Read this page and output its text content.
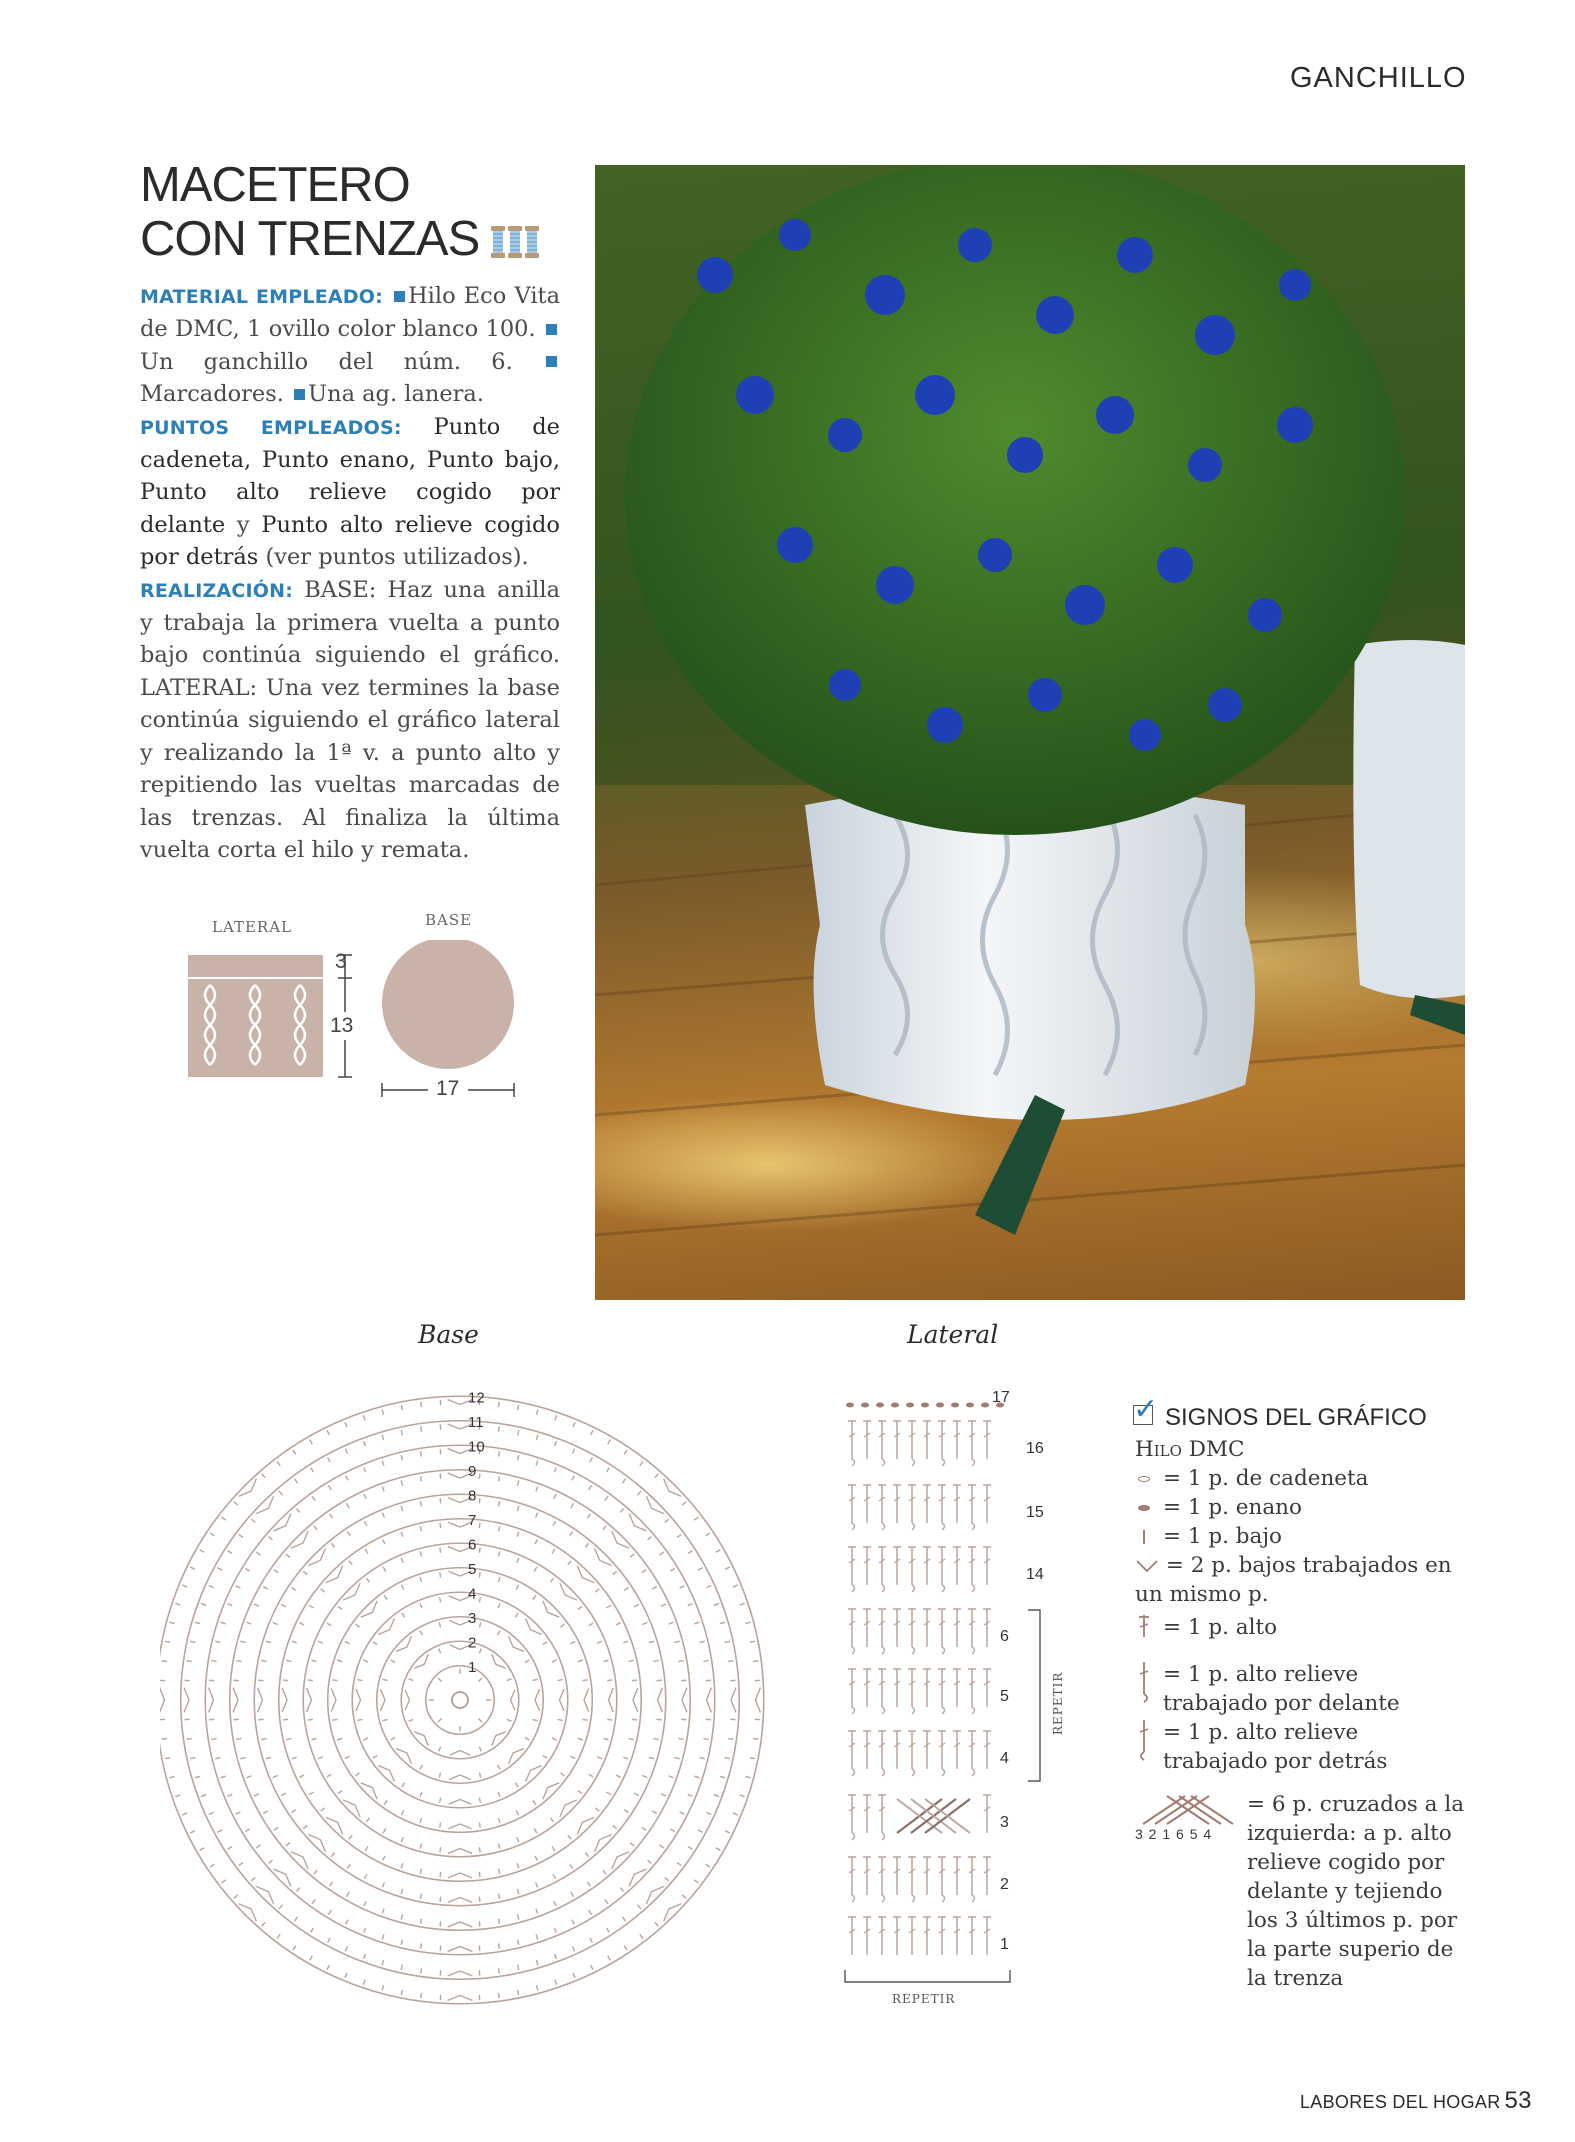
GANCHILLO
MACETERO
CON TRENZAS
MATERIAL EMPLEADO: Hilo Eco Vita de DMC, 1 ovillo color blanco 100. Un ganchillo del núm. 6. Marcadores. Una ag. lanera.
PUNTOS EMPLEADOS: Punto de cadeneta, Punto enano, Punto bajo, Punto alto relieve cogido por delante y Punto alto relieve cogido por detrás (ver puntos utilizados).
REALIZACIÓN: BASE: Haz una anilla y trabaja la primera vuelta a punto bajo continúa siguiendo el gráfico. LATERAL: Una vez termines la base continúa siguiendo el gráfico lateral y realizando la 1ª v. a punto alto y repitiendo las vueltas marcadas de las trenzas. Al finaliza la última vuelta corta el hilo y remata.
LATERAL	BASE
3
13
17
Base
1
2
3
4
5
6
7
8
9
10
11
12
Lateral
1
2
3
4
5
6
14
15
16
17
REPETIR
REPETIR
✓ SIGNOS DEL GRÁFICO
Hilo DMC
= 1 p. de cadeneta
= 1 p. enano
= 1 p. bajo
= 2 p. bajos trabajados en un mismo p.
= 1 p. alto
= 1 p. alto relieve trabajado por delante
= 1 p. alto relieve trabajado por detrás
3 2 1 6 5 4
= 6 p. cruzados a la izquierda: a p. alto relieve cogido por delante y tejiendo los 3 últimos p. por la parte superio de la trenza
LABORES DEL HOGAR 53
